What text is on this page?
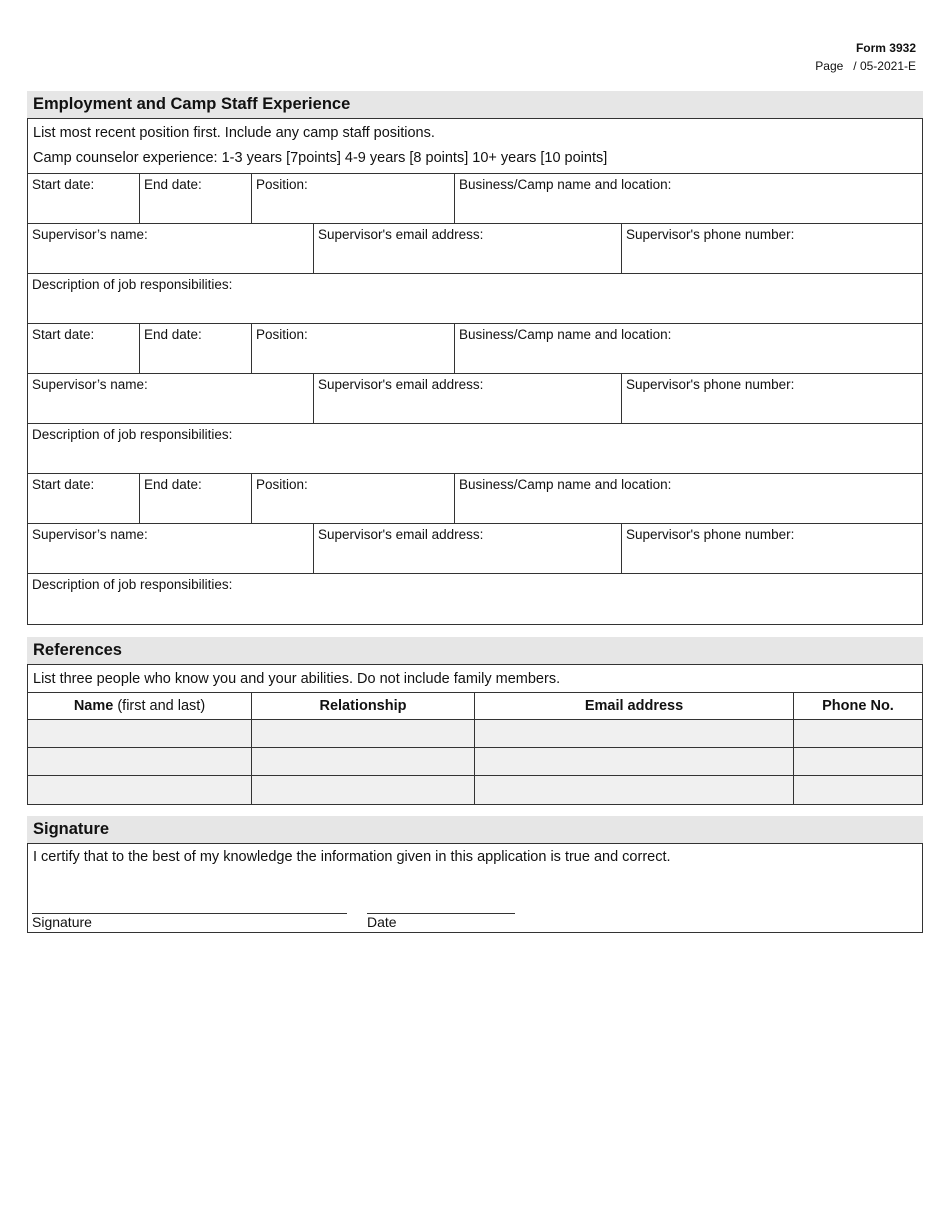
Form 3932
Page   / 05-2021-E
Employment and Camp Staff Experience
List most recent position first. Include any camp staff positions.
Camp counselor experience: 1-3 years [7points] 4-9 years [8 points] 10+ years [10 points]
Start date:	End date:	Position:	Business/Camp name and location:
Supervisor’s name:	Supervisor's email address:	Supervisor's phone number:
Description of job responsibilities:
Start date:	End date:	Position:	Business/Camp name and location:
Supervisor’s name:	Supervisor's email address:	Supervisor's phone number:
Description of job responsibilities:
Start date:	End date:	Position:	Business/Camp name and location:
Supervisor’s name:	Supervisor's email address:	Supervisor's phone number:
Description of job responsibilities:
References
List three people who know you and your abilities. Do not include family members.
Name (first and last)	Relationship	Email address	Phone No.
Signature
I certify that to the best of my knowledge the information given in this application is true and correct.
Signature	Date
